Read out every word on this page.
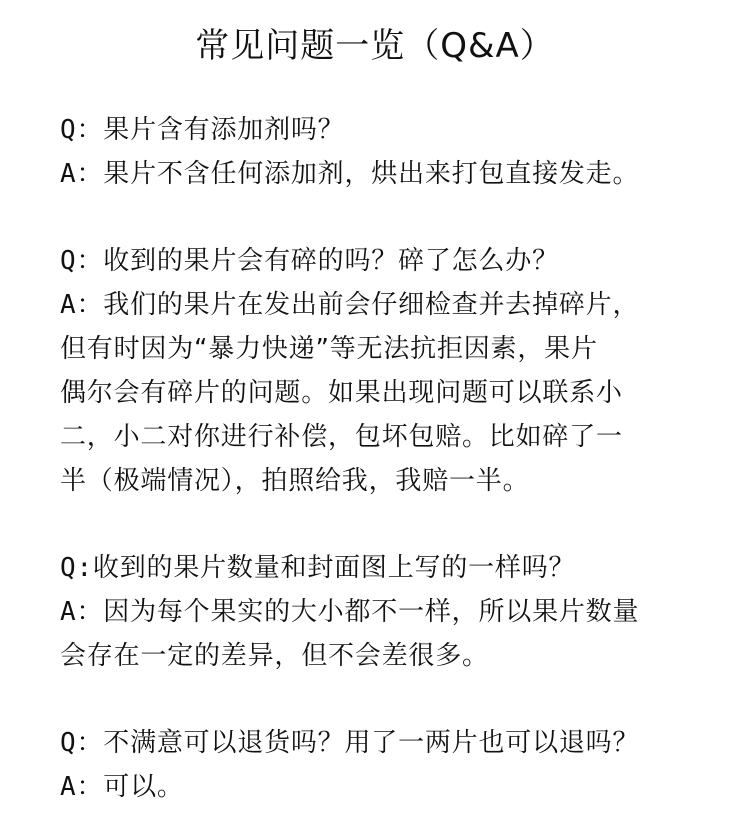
常见问题一览（Q&A）
Q：果片含有添加剂吗？
A：果片不含任何添加剂，烘出来打包直接发走。
Q：收到的果片会有碎的吗？碎了怎么办？
A：我们的果片在发出前会仔细检查并去掉碎片，
但有时因为“暴力快递”等无法抗拒因素，果片
偶尔会有碎片的问题。如果出现问题可以联系小
二，小二对你进行补偿，包坏包赔。比如碎了一
半（极端情况），拍照给我，我赔一半。
Q:收到的果片数量和封面图上写的一样吗？
A：因为每个果实的大小都不一样，所以果片数量
会存在一定的差异，但不会差很多。
Q：不满意可以退货吗？用了一两片也可以退吗？
A：可以。
